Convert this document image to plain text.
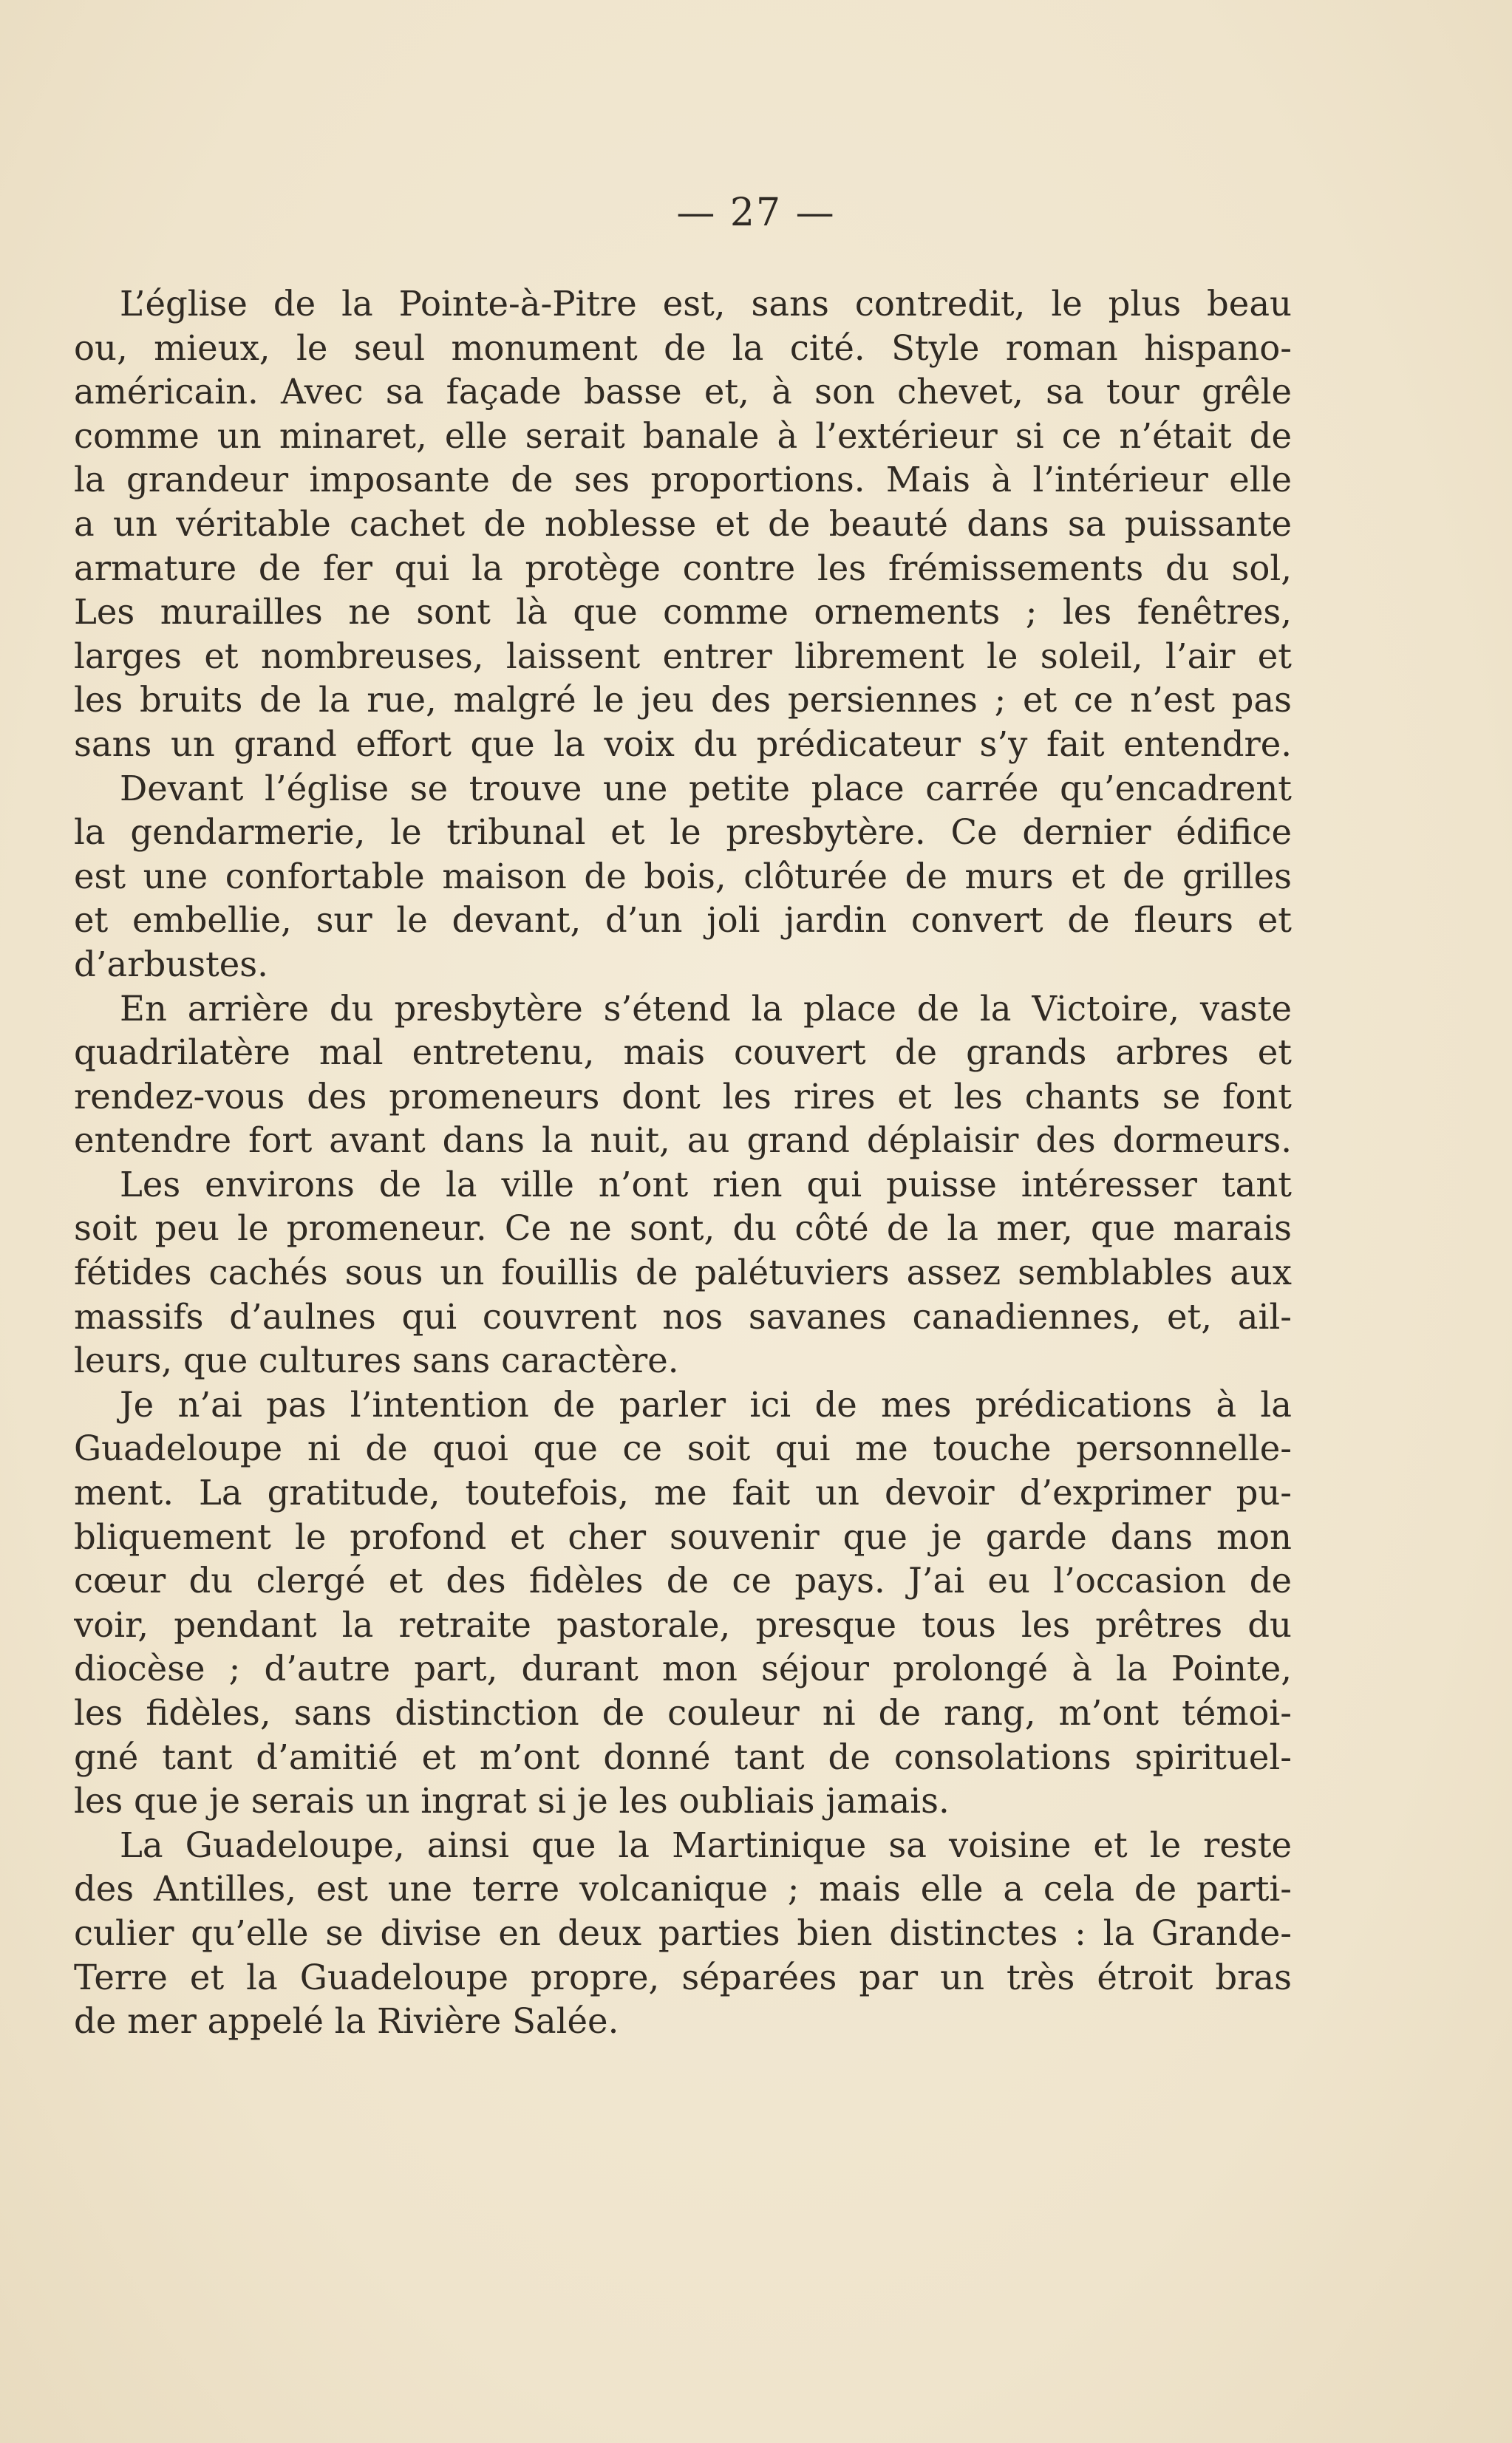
— 27 —
L’église de la Pointe-à-Pitre est, sans contredit, le plus beau
ou, mieux, le seul monument de la cité. Style roman hispano-
américain. Avec sa façade basse et, à son chevet, sa tour grêle
comme un minaret, elle serait banale à l’extérieur si ce n’était de
la grandeur imposante de ses proportions. Mais à l’intérieur elle
a un véritable cachet de noblesse et de beauté dans sa puissante
armature de fer qui la protège contre les frémissements du sol,
Les murailles ne sont là que comme ornements ; les fenêtres,
larges et nombreuses, laissent entrer librement le soleil, l’air et
les bruits de la rue, malgré le jeu des persiennes ; et ce n’est pas
sans un grand effort que la voix du prédicateur s’y fait entendre.
Devant l’église se trouve une petite place carrée qu’encadrent
la gendarmerie, le tribunal et le presbytère. Ce dernier édifice
est une confortable maison de bois, clôturée de murs et de grilles
et embellie, sur le devant, d’un joli jardin convert de fleurs et
d’arbustes.
En arrière du presbytère s’étend la place de la Victoire, vaste
quadrilatère mal entretenu, mais couvert de grands arbres et
rendez-vous des promeneurs dont les rires et les chants se font
entendre fort avant dans la nuit, au grand déplaisir des dormeurs.
Les environs de la ville n’ont rien qui puisse intéresser tant
soit peu le promeneur. Ce ne sont, du côté de la mer, que marais
fétides cachés sous un fouillis de palétuviers assez semblables aux
massifs d’aulnes qui couvrent nos savanes canadiennes, et, ail-
leurs, que cultures sans caractère.
Je n’ai pas l’intention de parler ici de mes prédications à la
Guadeloupe ni de quoi que ce soit qui me touche personnelle-
ment. La gratitude, toutefois, me fait un devoir d’exprimer pu-
bliquement le profond et cher souvenir que je garde dans mon
cœur du clergé et des fidèles de ce pays. J’ai eu l’occasion de
voir, pendant la retraite pastorale, presque tous les prêtres du
diocèse ; d’autre part, durant mon séjour prolongé à la Pointe,
les fidèles, sans distinction de couleur ni de rang, m’ont témoi-
gné tant d’amitié et m’ont donné tant de consolations spirituel-
les que je serais un ingrat si je les oubliais jamais.
La Guadeloupe, ainsi que la Martinique sa voisine et le reste
des Antilles, est une terre volcanique ; mais elle a cela de parti-
culier qu’elle se divise en deux parties bien distinctes : la Grande-
Terre et la Guadeloupe propre, séparées par un très étroit bras
de mer appelé la Rivière Salée.
